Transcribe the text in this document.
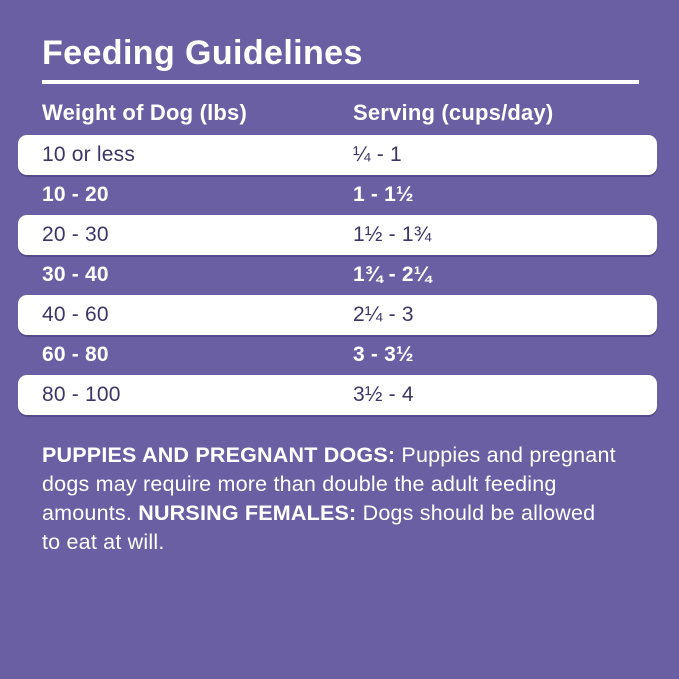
Feeding Guidelines
Weight of Dog (lbs)	Serving (cups/day)
10 or less	¼ - 1
10 - 20	1 - 1½
20 - 30	1½ - 1¾
30 - 40	1¾ - 2¼
40 - 60	2¼ - 3
60 - 80	3 - 3½
80 - 100	3½ - 4

PUPPIES AND PREGNANT DOGS: Puppies and pregnant
dogs may require more than double the adult feeding
amounts. NURSING FEMALES: Dogs should be allowed
to eat at will.
